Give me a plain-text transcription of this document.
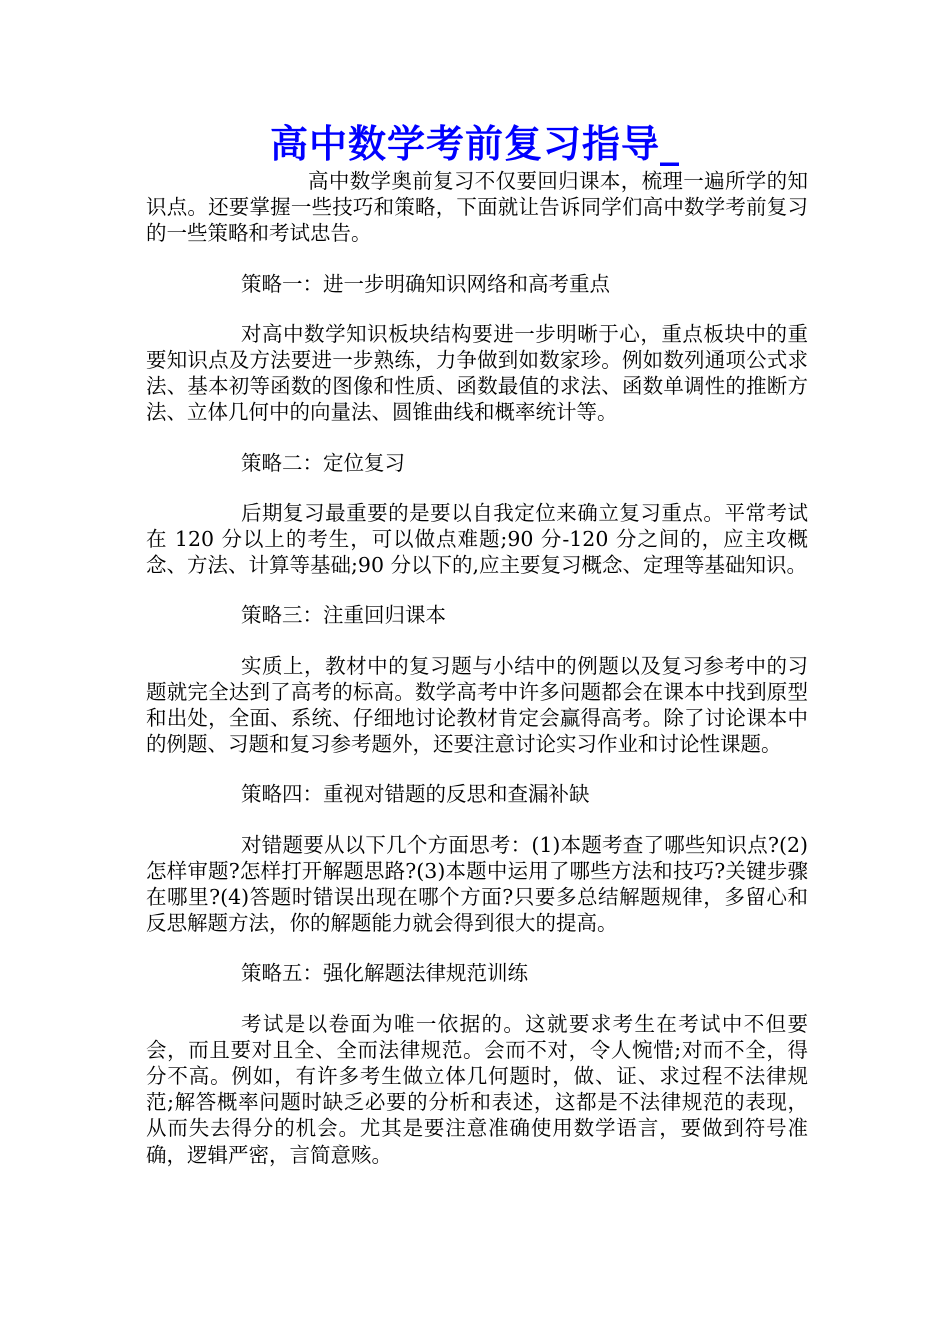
高中数学考前复习指导_

高中数学奥前复习不仅要回归课本，梳理一遍所学的知识点。还要掌握一些技巧和策略，下面就让告诉同学们高中数学考前复习的一些策略和考试忠告。

策略一：进一步明确知识网络和高考重点

对高中数学知识板块结构要进一步明晰于心，重点板块中的重要知识点及方法要进一步熟练，力争做到如数家珍。例如数列通项公式求法、基本初等函数的图像和性质、函数最值的求法、函数单调性的推断方法、立体几何中的向量法、圆锥曲线和概率统计等。

策略二：定位复习

后期复习最重要的是要以自我定位来确立复习重点。平常考试在 120 分以上的考生，可以做点难题;90 分-120 分之间的，应主攻概念、方法、计算等基础;90 分以下的,应主要复习概念、定理等基础知识。

策略三：注重回归课本

实质上，教材中的复习题与小结中的例题以及复习参考中的习题就完全达到了高考的标高。数学高考中许多问题都会在课本中找到原型和出处，全面、系统、仔细地讨论教材肯定会赢得高考。除了讨论课本中的例题、习题和复习参考题外，还要注意讨论实习作业和讨论性课题。

策略四：重视对错题的反思和查漏补缺

对错题要从以下几个方面思考：(1)本题考查了哪些知识点?(2)怎样审题?怎样打开解题思路?(3)本题中运用了哪些方法和技巧?关键步骤在哪里?(4)答题时错误出现在哪个方面?只要多总结解题规律，多留心和反思解题方法，你的解题能力就会得到很大的提高。

策略五：强化解题法律规范训练

考试是以卷面为唯一依据的。这就要求考生在考试中不但要会，而且要对且全、全而法律规范。会而不对，令人惋惜;对而不全，得分不高。例如，有许多考生做立体几何题时，做、证、求过程不法律规范;解答概率问题时缺乏必要的分析和表述，这都是不法律规范的表现，从而失去得分的机会。尤其是要注意准确使用数学语言，要做到符号准确，逻辑严密，言简意赅。
